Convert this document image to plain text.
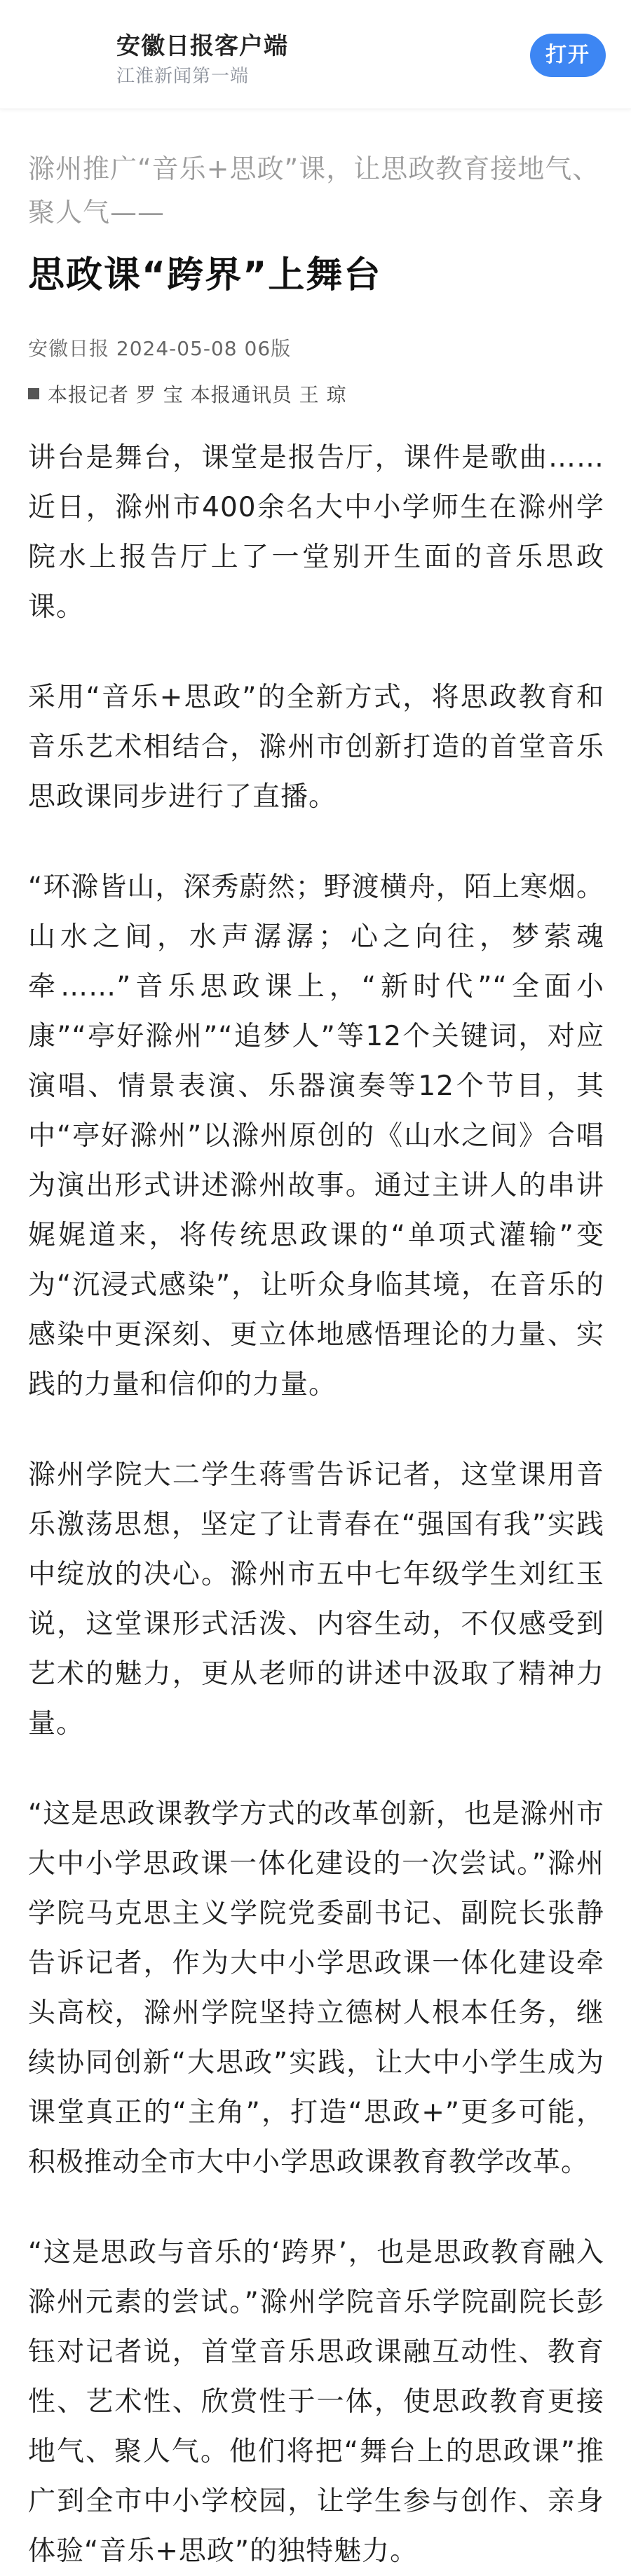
安徽日报客户端
江淮新闻第一端
打开
滁州推广“音乐+思政”课，让思政教育接地气、聚人气——
思政课“跨界”上舞台
安徽日报 2024-05-08 06版
本报记者 罗 宝 本报通讯员 王 琼

讲台是舞台，课堂是报告厅，课件是歌曲……近日，滁州市400余名大中小学师生在滁州学院水上报告厅上了一堂别开生面的音乐思政课。

采用“音乐+思政”的全新方式，将思政教育和音乐艺术相结合，滁州市创新打造的首堂音乐思政课同步进行了直播。

“环滁皆山，深秀蔚然；野渡横舟，陌上寒烟。山水之间，水声潺潺；心之向往，梦萦魂牵……”音乐思政课上，“新时代”“全面小康”“亭好滁州”“追梦人”等12个关键词，对应演唱、情景表演、乐器演奏等12个节目，其中“亭好滁州”以滁州原创的《山水之间》合唱为演出形式讲述滁州故事。通过主讲人的串讲娓娓道来，将传统思政课的“单项式灌输”变为“沉浸式感染”，让听众身临其境，在音乐的感染中更深刻、更立体地感悟理论的力量、实践的力量和信仰的力量。

滁州学院大二学生蒋雪告诉记者，这堂课用音乐激荡思想，坚定了让青春在“强国有我”实践中绽放的决心。滁州市五中七年级学生刘红玉说，这堂课形式活泼、内容生动，不仅感受到艺术的魅力，更从老师的讲述中汲取了精神力量。

“这是思政课教学方式的改革创新，也是滁州市大中小学思政课一体化建设的一次尝试。”滁州学院马克思主义学院党委副书记、副院长张静告诉记者，作为大中小学思政课一体化建设牵头高校，滁州学院坚持立德树人根本任务，继续协同创新“大思政”实践，让大中小学生成为课堂真正的“主角”，打造“思政+”更多可能，积极推动全市大中小学思政课教育教学改革。

“这是思政与音乐的‘跨界’，也是思政教育融入滁州元素的尝试。”滁州学院音乐学院副院长彭钰对记者说，首堂音乐思政课融互动性、教育性、艺术性、欣赏性于一体，使思政教育更接地气、聚人气。他们将把“舞台上的思政课”推广到全市中小学校园，让学生参与创作、亲身体验“音乐+思政”的独特魅力。
